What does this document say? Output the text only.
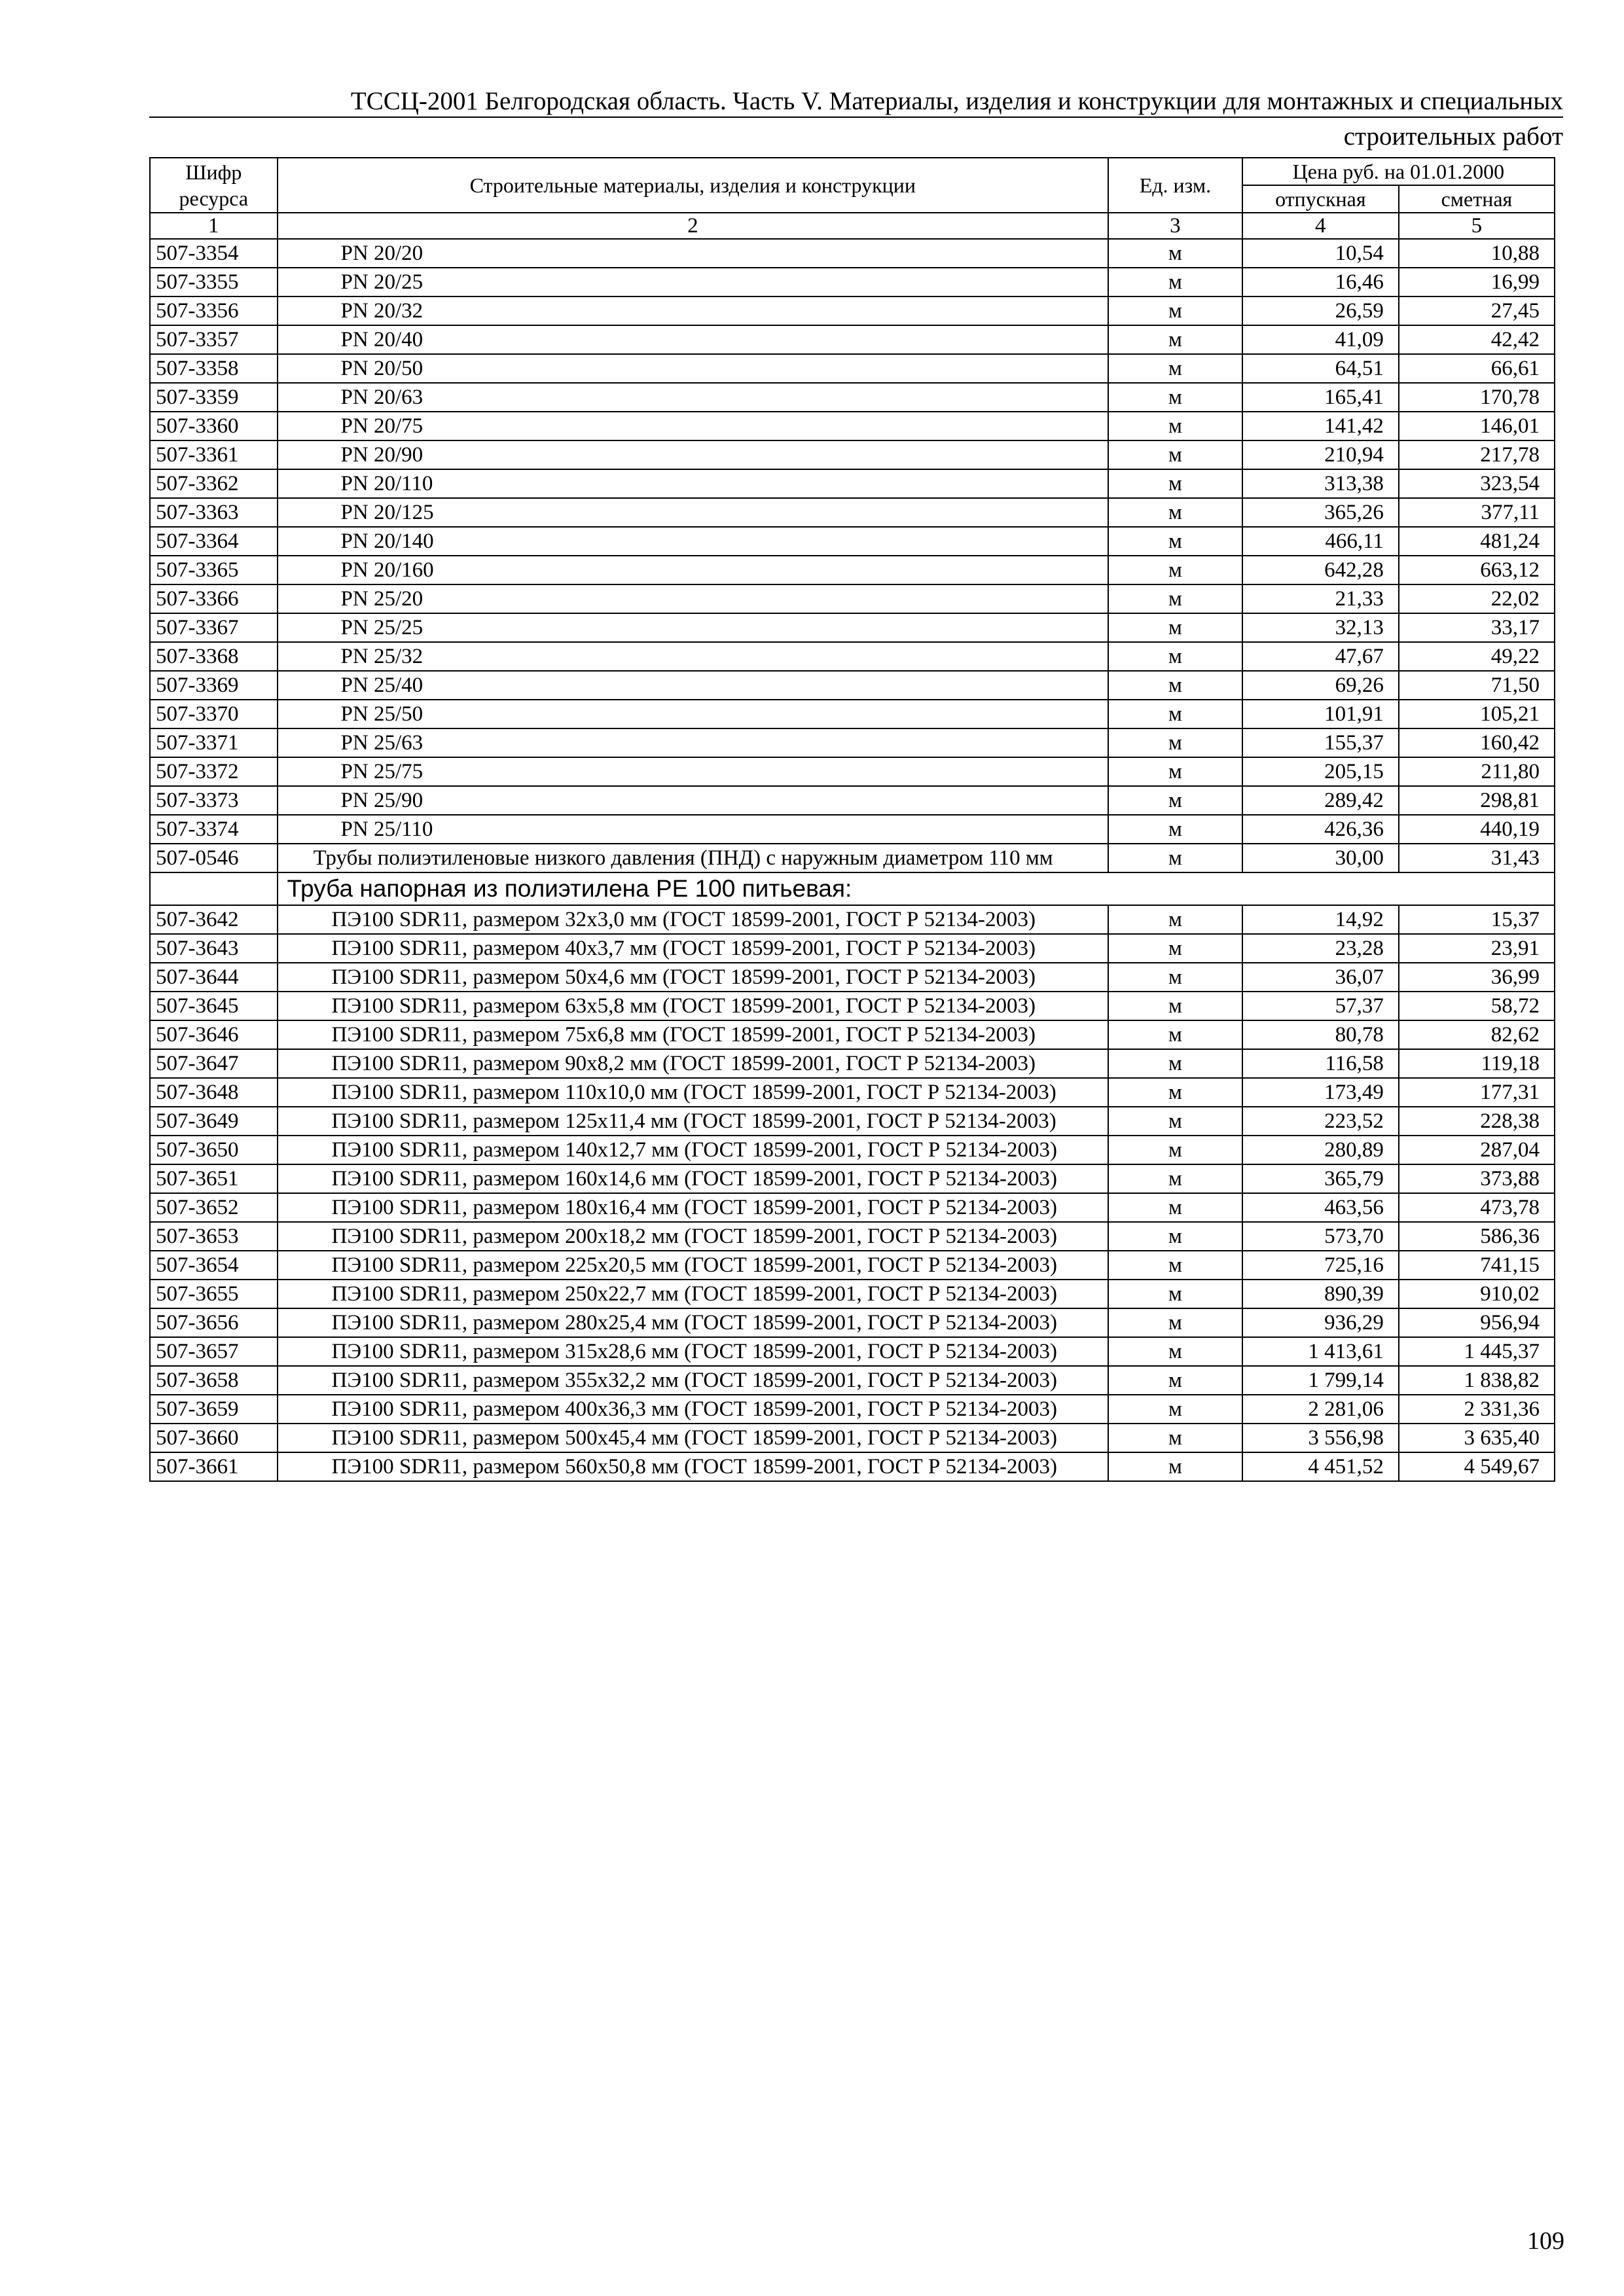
ТССЦ-2001 Белгородская область. Часть V. Материалы, изделия и конструкции для монтажных и специальных
строительных работ
Шифр ресурса	Строительные материалы, изделия и конструкции	Ед. изм.	Цена руб. на 01.01.2000	
			отпускная	сметная
1	2	3	4	5
507-3354	PN 20/20	м	10,54	10,88
507-3355	PN 20/25	м	16,46	16,99
507-3356	PN 20/32	м	26,59	27,45
507-3357	PN 20/40	м	41,09	42,42
507-3358	PN 20/50	м	64,51	66,61
507-3359	PN 20/63	м	165,41	170,78
507-3360	PN 20/75	м	141,42	146,01
507-3361	PN 20/90	м	210,94	217,78
507-3362	PN 20/110	м	313,38	323,54
507-3363	PN 20/125	м	365,26	377,11
507-3364	PN 20/140	м	466,11	481,24
507-3365	PN 20/160	м	642,28	663,12
507-3366	PN 25/20	м	21,33	22,02
507-3367	PN 25/25	м	32,13	33,17
507-3368	PN 25/32	м	47,67	49,22
507-3369	PN 25/40	м	69,26	71,50
507-3370	PN 25/50	м	101,91	105,21
507-3371	PN 25/63	м	155,37	160,42
507-3372	PN 25/75	м	205,15	211,80
507-3373	PN 25/90	м	289,42	298,81
507-3374	PN 25/110	м	426,36	440,19
507-0546	Трубы полиэтиленовые низкого давления (ПНД) с наружным диаметром 110 мм	м	30,00	31,43
	Труба напорная из полиэтилена PE 100 питьевая:			
507-3642	ПЭ100 SDR11, размером 32х3,0 мм (ГОСТ 18599-2001, ГОСТ Р 52134-2003)	м	14,92	15,37
507-3643	ПЭ100 SDR11, размером 40х3,7 мм (ГОСТ 18599-2001, ГОСТ Р 52134-2003)	м	23,28	23,91
507-3644	ПЭ100 SDR11, размером 50х4,6 мм (ГОСТ 18599-2001, ГОСТ Р 52134-2003)	м	36,07	36,99
507-3645	ПЭ100 SDR11, размером 63х5,8 мм (ГОСТ 18599-2001, ГОСТ Р 52134-2003)	м	57,37	58,72
507-3646	ПЭ100 SDR11, размером 75х6,8 мм (ГОСТ 18599-2001, ГОСТ Р 52134-2003)	м	80,78	82,62
507-3647	ПЭ100 SDR11, размером 90х8,2 мм (ГОСТ 18599-2001, ГОСТ Р 52134-2003)	м	116,58	119,18
507-3648	ПЭ100 SDR11, размером 110х10,0 мм (ГОСТ 18599-2001, ГОСТ Р 52134-2003)	м	173,49	177,31
507-3649	ПЭ100 SDR11, размером 125х11,4 мм (ГОСТ 18599-2001, ГОСТ Р 52134-2003)	м	223,52	228,38
507-3650	ПЭ100 SDR11, размером 140х12,7 мм (ГОСТ 18599-2001, ГОСТ Р 52134-2003)	м	280,89	287,04
507-3651	ПЭ100 SDR11, размером 160х14,6 мм (ГОСТ 18599-2001, ГОСТ Р 52134-2003)	м	365,79	373,88
507-3652	ПЭ100 SDR11, размером 180х16,4 мм (ГОСТ 18599-2001, ГОСТ Р 52134-2003)	м	463,56	473,78
507-3653	ПЭ100 SDR11, размером 200х18,2 мм (ГОСТ 18599-2001, ГОСТ Р 52134-2003)	м	573,70	586,36
507-3654	ПЭ100 SDR11, размером 225х20,5 мм (ГОСТ 18599-2001, ГОСТ Р 52134-2003)	м	725,16	741,15
507-3655	ПЭ100 SDR11, размером 250х22,7 мм (ГОСТ 18599-2001, ГОСТ Р 52134-2003)	м	890,39	910,02
507-3656	ПЭ100 SDR11, размером 280х25,4 мм (ГОСТ 18599-2001, ГОСТ Р 52134-2003)	м	936,29	956,94
507-3657	ПЭ100 SDR11, размером 315х28,6 мм (ГОСТ 18599-2001, ГОСТ Р 52134-2003)	м	1 413,61	1 445,37
507-3658	ПЭ100 SDR11, размером 355х32,2 мм (ГОСТ 18599-2001, ГОСТ Р 52134-2003)	м	1 799,14	1 838,82
507-3659	ПЭ100 SDR11, размером 400х36,3 мм (ГОСТ 18599-2001, ГОСТ Р 52134-2003)	м	2 281,06	2 331,36
507-3660	ПЭ100 SDR11, размером 500х45,4 мм (ГОСТ 18599-2001, ГОСТ Р 52134-2003)	м	3 556,98	3 635,40
507-3661	ПЭ100 SDR11, размером 560х50,8 мм (ГОСТ 18599-2001, ГОСТ Р 52134-2003)	м	4 451,52	4 549,67
109
